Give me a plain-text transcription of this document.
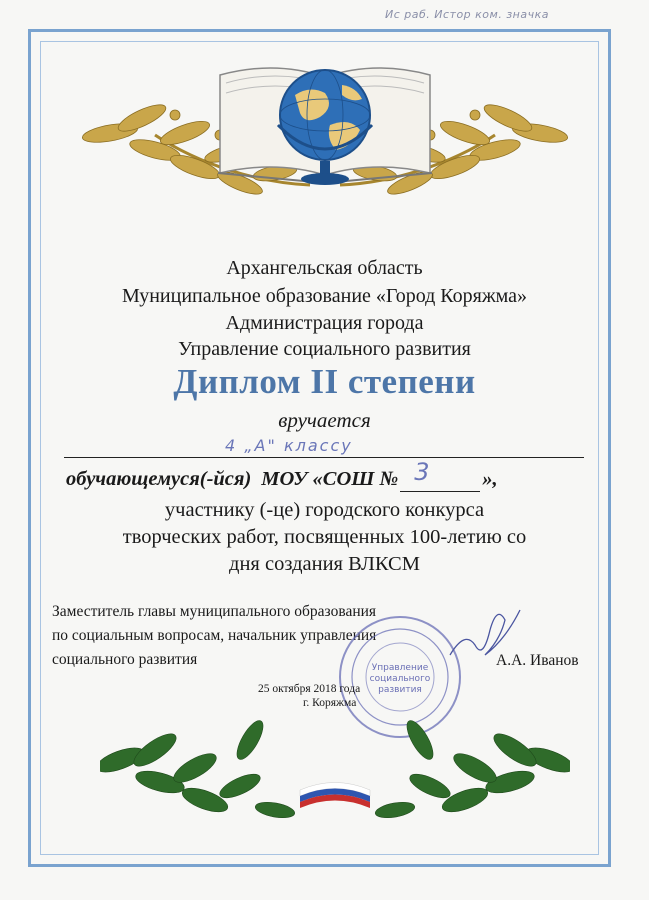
Ис раб. Истор ком. значка
Архангельская область
Муниципальное образование «Город Коряжма»
Администрация города
Управление социального развития
Диплом II степени
вручается
4 „А" классу
обучающемуся(-йся) МОУ «СОШ № 3	»,
участнику (-це) городского конкурса
творческих работ, посвященных 100-летию со
дня создания ВЛКСМ
Заместитель главы муниципального образования
по социальным вопросам, начальник управления
социального развития	А.А. Иванов
Управление
социального
развития
25 октября 2018 года
г. Коряжма
